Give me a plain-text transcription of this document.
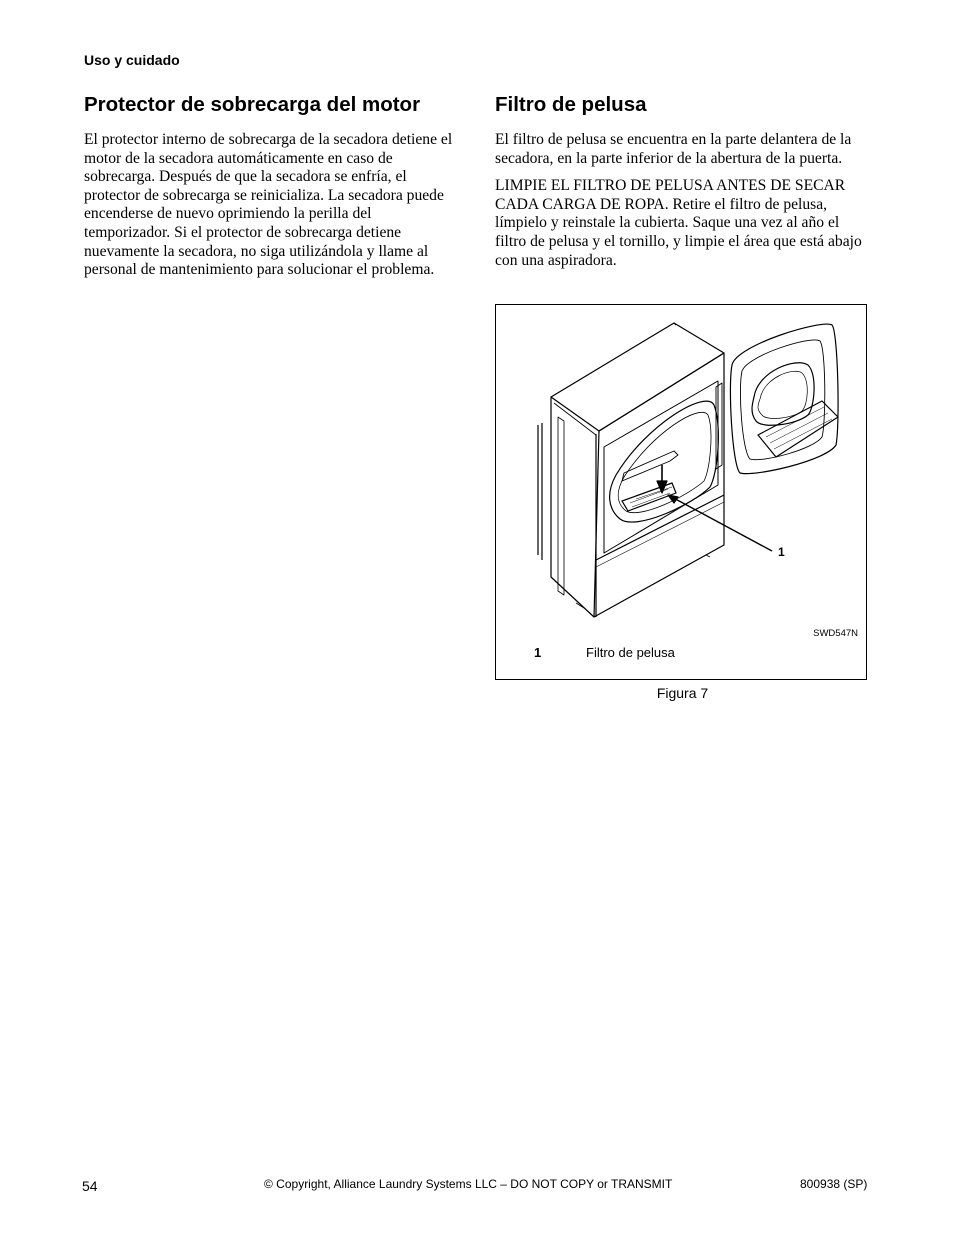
Uso y cuidado
Protector de sobrecarga del motor

El protector interno de sobrecarga de la secadora detiene el motor de la secadora automáticamente en caso de sobrecarga. Después de que la secadora se enfría, el protector de sobrecarga se reinicializa. La secadora puede encenderse de nuevo oprimiendo la perilla del temporizador. Si el protector de sobrecarga detiene nuevamente la secadora, no siga utilizándola y llame al personal de mantenimiento para solucionar el problema.

Filtro de pelusa

El filtro de pelusa se encuentra en la parte delantera de la secadora, en la parte inferior de la abertura de la puerta.

LIMPIE EL FILTRO DE PELUSA ANTES DE SECAR CADA CARGA DE ROPA. Retire el filtro de pelusa, límpielo y reinstale la cubierta. Saque una vez al año el filtro de pelusa y el tornillo, y limpie el área que está abajo con una aspiradora.

1
SWD547N
1	Filtro de pelusa
Figura 7
54	© Copyright, Alliance Laundry Systems LLC – DO NOT COPY or TRANSMIT	800938 (SP)
